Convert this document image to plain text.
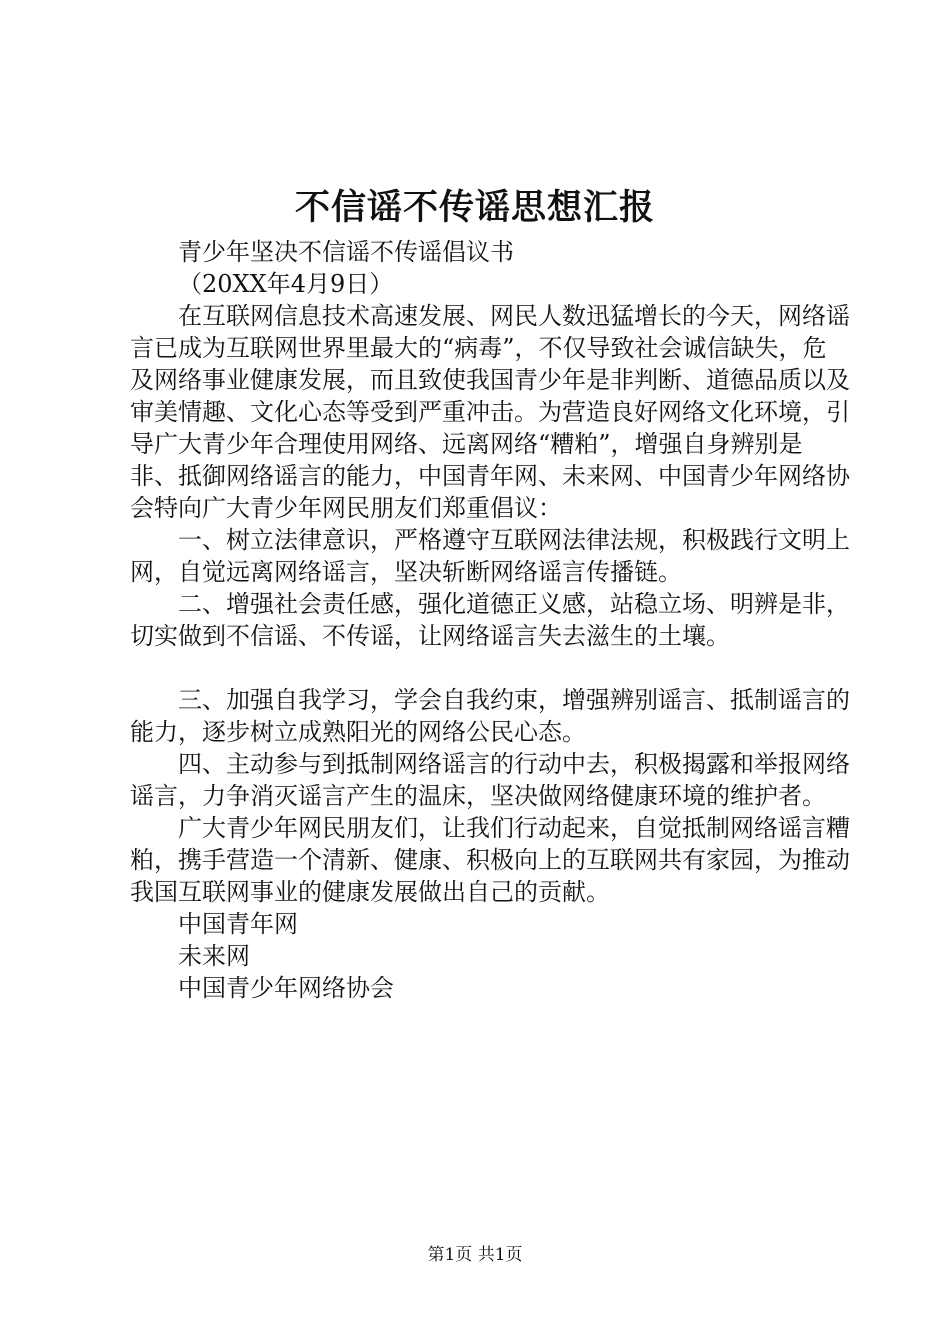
不信谣不传谣思想汇报

青少年坚决不信谣不传谣倡议书

（20XX年4月9日）

在互联网信息技术高速发展、网民人数迅猛增长的今天，网络谣言已成为互联网世界里最大的“病毒”，不仅导致社会诚信缺失，危及网络事业健康发展，而且致使我国青少年是非判断、道德品质以及审美情趣、文化心态等受到严重冲击。为营造良好网络文化环境，引导广大青少年合理使用网络、远离网络“糟粕”，增强自身辨别是非、抵御网络谣言的能力，中国青年网、未来网、中国青少年网络协会特向广大青少年网民朋友们郑重倡议：

一、树立法律意识，严格遵守互联网法律法规，积极践行文明上网，自觉远离网络谣言，坚决斩断网络谣言传播链。

二、增强社会责任感，强化道德正义感，站稳立场、明辨是非，切实做到不信谣、不传谣，让网络谣言失去滋生的土壤。

三、加强自我学习，学会自我约束，增强辨别谣言、抵制谣言的能力，逐步树立成熟阳光的网络公民心态。

四、主动参与到抵制网络谣言的行动中去，积极揭露和举报网络谣言，力争消灭谣言产生的温床，坚决做网络健康环境的维护者。

广大青少年网民朋友们，让我们行动起来，自觉抵制网络谣言糟粕，携手营造一个清新、健康、积极向上的互联网共有家园，为推动我国互联网事业的健康发展做出自己的贡献。

中国青年网

未来网

中国青少年网络协会

第1页 共1页
